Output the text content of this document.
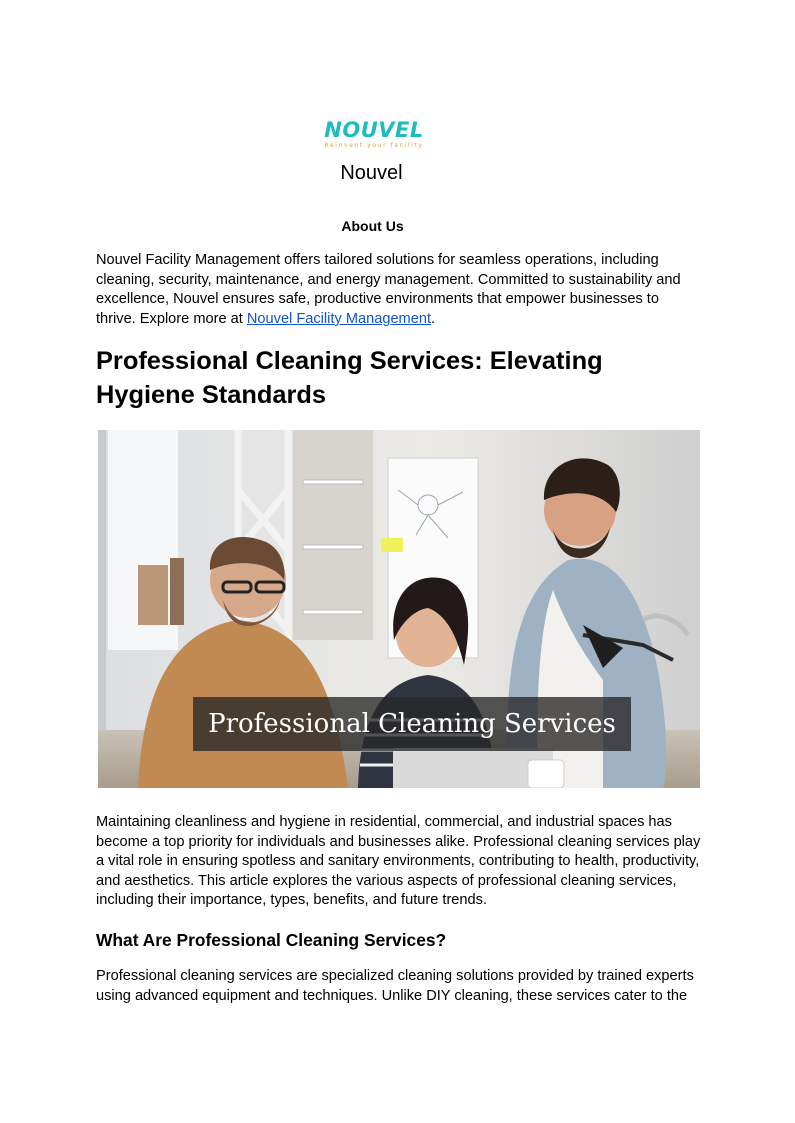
NOUVEL
Reinvent your facility
Nouvel
About Us

Nouvel Facility Management offers tailored solutions for seamless operations, including cleaning, security, maintenance, and energy management. Committed to sustainability and excellence, Nouvel ensures safe, productive environments that empower businesses to thrive. Explore more at Nouvel Facility Management.

Professional Cleaning Services: Elevating Hygiene Standards
Professional Cleaning Services

Maintaining cleanliness and hygiene in residential, commercial, and industrial spaces has become a top priority for individuals and businesses alike. Professional cleaning services play a vital role in ensuring spotless and sanitary environments, contributing to health, productivity, and aesthetics. This article explores the various aspects of professional cleaning services, including their importance, types, benefits, and future trends.

What Are Professional Cleaning Services?

Professional cleaning services are specialized cleaning solutions provided by trained experts using advanced equipment and techniques. Unlike DIY cleaning, these services cater to the
